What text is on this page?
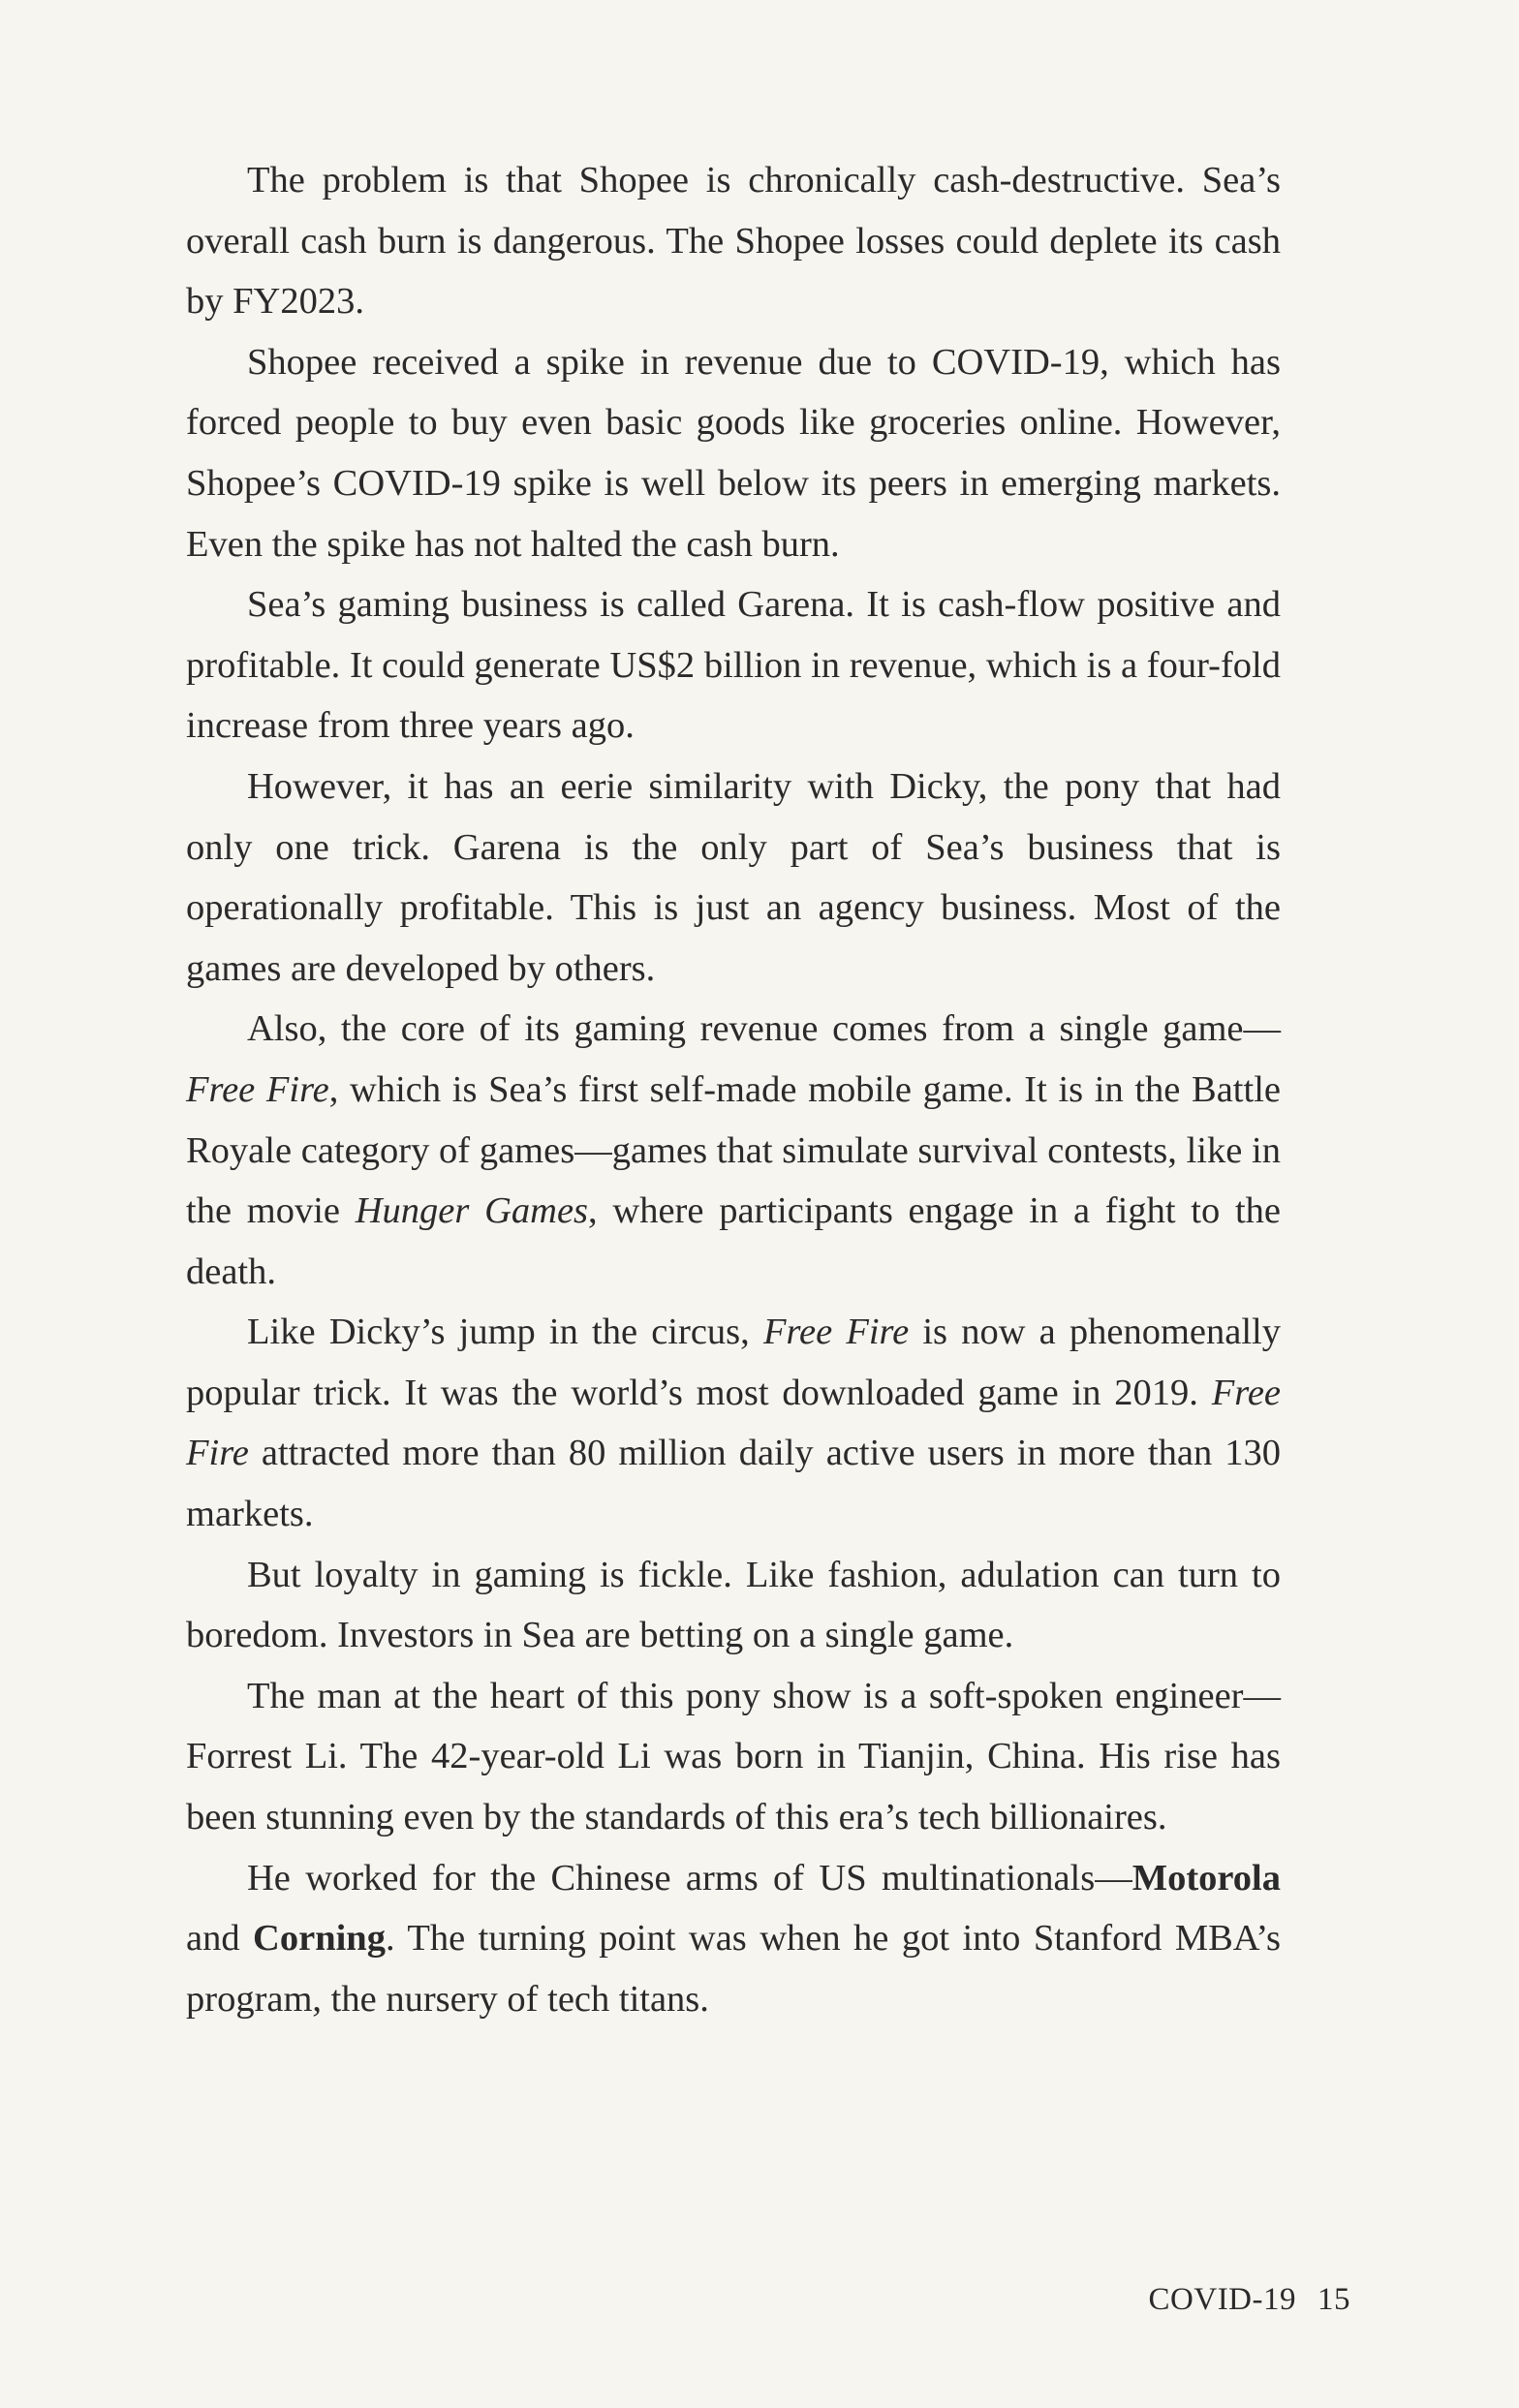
The problem is that Shopee is chronically cash-destructive. Sea’s overall cash burn is dangerous. The Shopee losses could deplete its cash by FY2023.

Shopee received a spike in revenue due to COVID-19, which has forced people to buy even basic goods like groceries online. However, Shopee’s COVID-19 spike is well below its peers in emerging markets. Even the spike has not halted the cash burn.

Sea’s gaming business is called Garena. It is cash-flow positive and profitable. It could generate US$2 billion in revenue, which is a four-fold increase from three years ago.

However, it has an eerie similarity with Dicky, the pony that had only one trick. Garena is the only part of Sea’s business that is operationally profitable. This is just an agency business. Most of the games are developed by others.

Also, the core of its gaming revenue comes from a single game—Free Fire, which is Sea’s first self-made mobile game. It is in the Battle Royale category of games—games that simulate survival contests, like in the movie Hunger Games, where participants engage in a fight to the death.

Like Dicky’s jump in the circus, Free Fire is now a phenomenally popular trick. It was the world’s most downloaded game in 2019. Free Fire attracted more than 80 million daily active users in more than 130 markets.

But loyalty in gaming is fickle. Like fashion, adulation can turn to boredom. Investors in Sea are betting on a single game.

The man at the heart of this pony show is a soft-spoken engineer—Forrest Li. The 42-year-old Li was born in Tianjin, China. His rise has been stunning even by the standards of this era’s tech billionaires.

He worked for the Chinese arms of US multinationals—Motorola and Corning. The turning point was when he got into Stanford MBA’s program, the nursery of tech titans.

COVID-19 15
